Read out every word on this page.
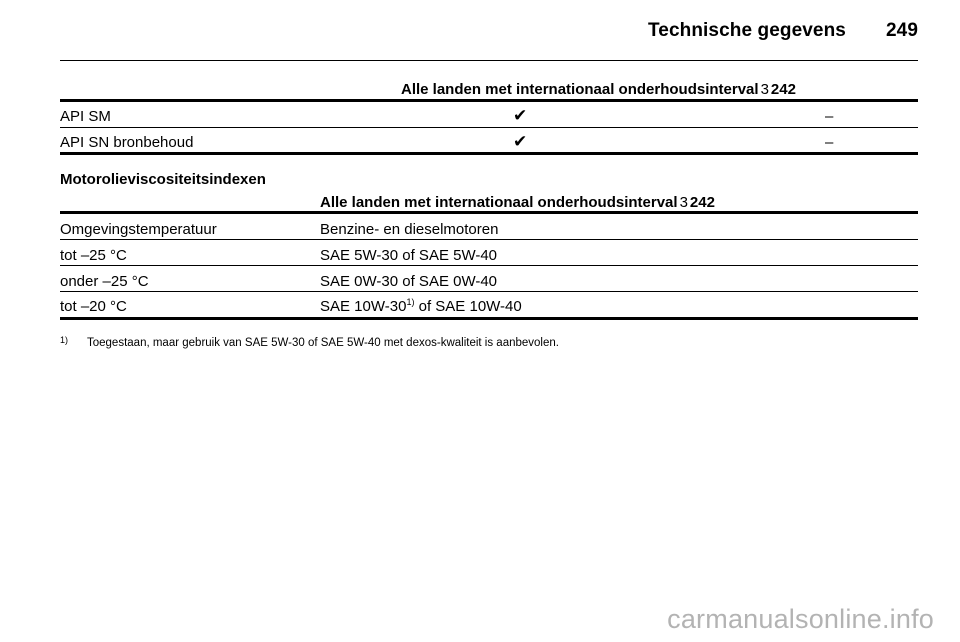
Technische gegevens 249
Alle landen met internationaal onderhoudsinterval 3 242
API SM	✔	–
API SN bronbehoud	✔	–
Motorolieviscositeitsindexen
Alle landen met internationaal onderhoudsinterval 3 242
Omgevingstemperatuur	Benzine- en dieselmotoren
tot –25 °C	SAE 5W-30 of SAE 5W-40
onder –25 °C	SAE 0W-30 of SAE 0W-40
tot –20 °C	SAE 10W-30$^{1)}$ of SAE 10W-40
1) Toegestaan, maar gebruik van SAE 5W-30 of SAE 5W-40 met dexos-kwaliteit is aanbevolen.
carmanualsonline.info
